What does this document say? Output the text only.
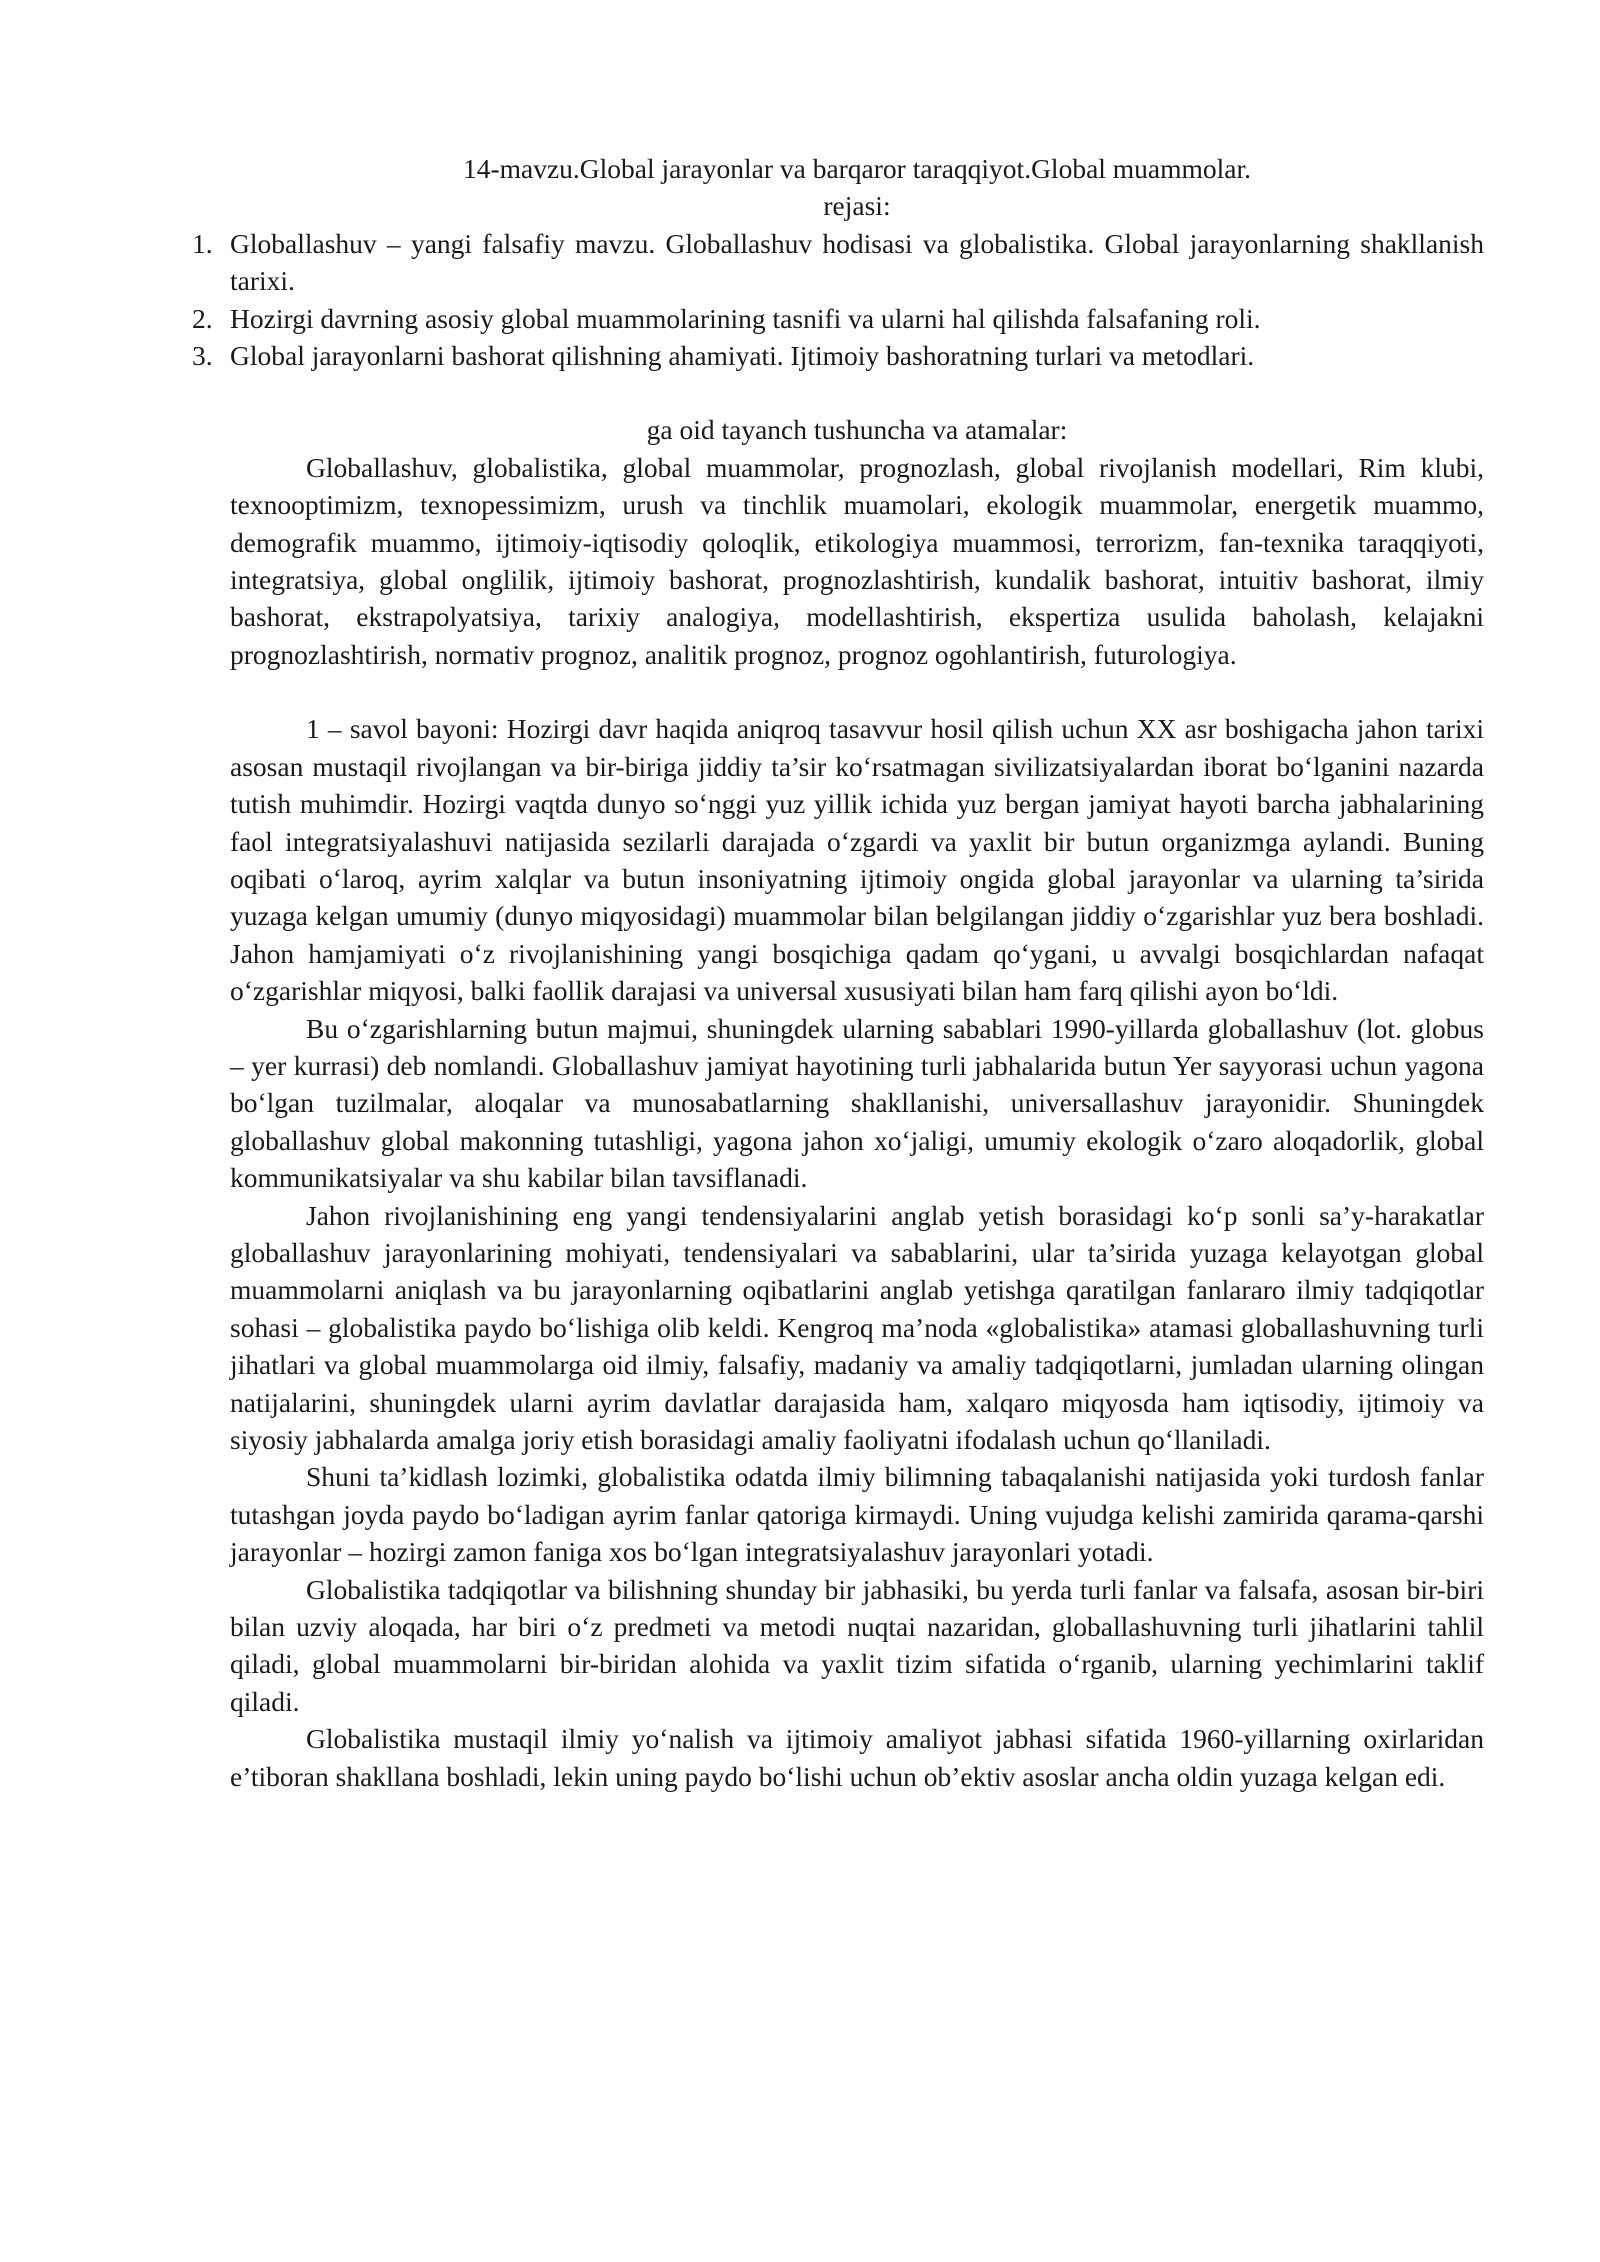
14-mavzu.Global jarayonlar va barqaror taraqqiyot.Global muammolar.

rejasi:

1. Globallashuv – yangi falsafiy mavzu. Globallashuv hodisasi va globalistika. Global jarayonlarning shakllanish tarixi.
2. Hozirgi davrning asosiy global muammolarining tasnifi va ularni hal qilishda falsafaning roli.
3. Global jarayonlarni bashorat qilishning ahamiyati. Ijtimoiy bashoratning turlari va metodlari.

ga oid tayanch tushuncha va atamalar:

Globallashuv, globalistika, global muammolar, prognozlash, global rivojlanish modellari, Rim klubi, texnooptimizm, texnopessimizm, urush va tinchlik muamolari, ekologik muammolar, energetik muammo, demografik muammo, ijtimoiy-iqtisodiy qoloqlik, etikologiya muammosi, terrorizm, fan-texnika taraqqiyoti, integratsiya, global onglilik, ijtimoiy bashorat, prognozlashtirish, kundalik bashorat, intuitiv bashorat, ilmiy bashorat, ekstrapolyatsiya, tarixiy analogiya, modellashtirish, ekspertiza usulida baholash, kelajakni prognozlashtirish, normativ prognoz, analitik prognoz, prognoz ogohlantirish, futurologiya.

1 – savol bayoni: Hozirgi davr haqida aniqroq tasavvur hosil qilish uchun XX asr boshigacha jahon tarixi asosan mustaqil rivojlangan va bir-biriga jiddiy ta’sir ko‘rsatmagan sivilizatsiyalardan iborat bo‘lganini nazarda tutish muhimdir. Hozirgi vaqtda dunyo so‘nggi yuz yillik ichida yuz bergan jamiyat hayoti barcha jabhalarining faol integratsiyalashuvi natijasida sezilarli darajada o‘zgardi va yaxlit bir butun organizmga aylandi. Buning oqibati o‘laroq, ayrim xalqlar va butun insoniyatning ijtimoiy ongida global jarayonlar va ularning ta’sirida yuzaga kelgan umumiy (dunyo miqyosidagi) muammolar bilan belgilangan jiddiy o‘zgarishlar yuz bera boshladi. Jahon hamjamiyati o‘z rivojlanishining yangi bosqichiga qadam qo‘ygani, u avvalgi bosqichlardan nafaqat o‘zgarishlar miqyosi, balki faollik darajasi va universal xususiyati bilan ham farq qilishi ayon bo‘ldi.

Bu o‘zgarishlarning butun majmui, shuningdek ularning sabablari 1990-yillarda globallashuv (lot. globus – yer kurrasi) deb nomlandi. Globallashuv jamiyat hayotining turli jabhalarida butun Yer sayyorasi uchun yagona bo‘lgan tuzilmalar, aloqalar va munosabatlarning shakllanishi, universallashuv jarayonidir. Shuningdek globallashuv global makonning tutashligi, yagona jahon xo‘jaligi, umumiy ekologik o‘zaro aloqadorlik, global kommunikatsiyalar va shu kabilar bilan tavsiflanadi.

Jahon rivojlanishining eng yangi tendensiyalarini anglab yetish borasidagi ko‘p sonli sa’y-harakatlar globallashuv jarayonlarining mohiyati, tendensiyalari va sabablarini, ular ta’sirida yuzaga kelayotgan global muammolarni aniqlash va bu jarayonlarning oqibatlarini anglab yetishga qaratilgan fanlararo ilmiy tadqiqotlar sohasi – globalistika paydo bo‘lishiga olib keldi. Kengroq ma’noda «globalistika» atamasi globallashuvning turli jihatlari va global muammolarga oid ilmiy, falsafiy, madaniy va amaliy tadqiqotlarni, jumladan ularning olingan natijalarini, shuningdek ularni ayrim davlatlar darajasida ham, xalqaro miqyosda ham iqtisodiy, ijtimoiy va siyosiy jabhalarda amalga joriy etish borasidagi amaliy faoliyatni ifodalash uchun qo‘llaniladi.

Shuni ta’kidlash lozimki, globalistika odatda ilmiy bilimning tabaqalanishi natijasida yoki turdosh fanlar tutashgan joyda paydo bo‘ladigan ayrim fanlar qatoriga kirmaydi. Uning vujudga kelishi zamirida qarama-qarshi jarayonlar – hozirgi zamon faniga xos bo‘lgan integratsiyalashuv jarayonlari yotadi.

Globalistika tadqiqotlar va bilishning shunday bir jabhasiki, bu yerda turli fanlar va falsafa, asosan bir-biri bilan uzviy aloqada, har biri o‘z predmeti va metodi nuqtai nazaridan, globallashuvning turli jihatlarini tahlil qiladi, global muammolarni bir-biridan alohida va yaxlit tizim sifatida o‘rganib, ularning yechimlarini taklif qiladi.

Globalistika mustaqil ilmiy yo‘nalish va ijtimoiy amaliyot jabhasi sifatida 1960-yillarning oxirlaridan e’tiboran shakllana boshladi, lekin uning paydo bo‘lishi uchun ob’ektiv asoslar ancha oldin yuzaga kelgan edi.
